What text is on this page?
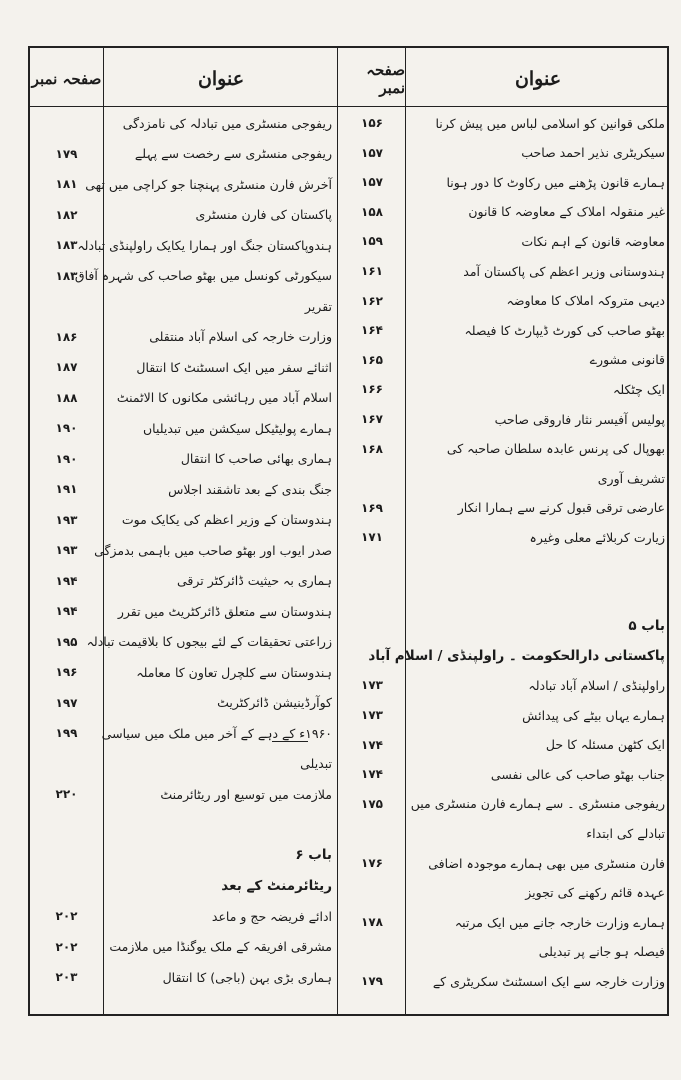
عنوان
صفحہ نمبر
عنوان
صفحہ نمبر
ملکی قوانین کو اسلامی لباس میں پیش کرنا
۱۵۶
سیکریٹری نذیر احمد صاحب
۱۵۷
ہمارے قانون پڑھنے میں رکاوٹ کا دور ہونا
۱۵۷
غیر منقولہ املاک کے معاوضہ کا قانون
۱۵۸
معاوضہ قانون کے اہم نکات
۱۵۹
ہندوستانی وزیر اعظم کی پاکستان آمد
۱۶۱
دیہی متروکہ املاک کا معاوضہ
۱۶۲
بھٹو صاحب کی کورٹ ڈیپارٹ کا فیصلہ
۱۶۴
قانونی مشورے
۱۶۵
ایک چٹکلہ
۱۶۶
پولیس آفیسر نثار فاروقی صاحب
۱۶۷
بھوپال کی پرنس عابدہ سلطان صاحبہ کی
۱۶۸
تشریف آوری
عارضی ترقی قبول کرنے سے ہمارا انکار
۱۶۹
زیارت کربلائے معلی وغیرہ
۱۷۱
باب ۵
پاکستانی دارالحکومت ۔ راولپنڈی / اسلام آباد
راولپنڈی / اسلام آباد تبادلہ
۱۷۳
ہمارے یہاں بیٹے کی پیدائش
۱۷۳
ایک کٹھن مسئلہ کا حل
۱۷۴
جناب بھٹو صاحب کی عالی نفسی
۱۷۴
ریفوجی منسٹری ۔ سے ہمارے فارن منسٹری میں
۱۷۵
تبادلے کی ابتداء
فارن منسٹری میں بھی ہمارے موجودہ اضافی
۱۷۶
عہدہ قائم رکھنے کی تجویز
ہمارے وزارت خارجہ جانے میں ایک مرتبہ
۱۷۸
فیصلہ ہو جانے پر تبدیلی
وزارت خارجہ سے ایک اسسٹنٹ سکریٹری کے
۱۷۹
ریفوجی منسٹری میں تبادلہ کی نامزدگی
ریفوجی منسٹری سے رخصت سے پہلے
۱۷۹
آخرش فارن منسٹری پہنچنا جو کراچی میں تھی
۱۸۱
پاکستان کی فارن منسٹری
۱۸۲
ہندوپاکستان جنگ اور ہمارا یکایک راولپنڈی تبادلہ
۱۸۳
سیکورٹی کونسل میں بھٹو صاحب کی شہرہ آفاق
۱۸۳
تقریر
وزارت خارجہ کی اسلام آباد منتقلی
۱۸۶
اثنائے سفر میں ایک اسسٹنٹ کا انتقال
۱۸۷
اسلام آباد میں رہائشی مکانوں کا الاٹمنٹ
۱۸۸
ہمارے پولیٹیکل سیکشن میں تبدیلیاں
۱۹۰
ہماری بھائی صاحب کا انتقال
۱۹۰
جنگ بندی کے بعد تاشقند اجلاس
۱۹۱
ہندوستان کے وزیر اعظم کی یکایک موت
۱۹۳
صدر ایوب اور بھٹو صاحب میں باہمی بدمزگی
۱۹۳
ہماری بہ حیثیت ڈائرکٹر ترقی
۱۹۴
ہندوستان سے متعلق ڈائرکٹریٹ میں تقرر
۱۹۴
زراعتی تحقیقات کے لئے بیجوں کا بلاقیمت تبادلہ
۱۹۵
ہندوستان سے کلچرل تعاون کا معاملہ
۱۹۶
کوآرڈینیشن ڈائرکٹریٹ
۱۹۷
۱۹۶۰ء کے دہے کے آخر میں ملک میں سیاسی
۱۹۹
تبدیلی
ملازمت میں توسیع اور ریٹائرمنٹ
۲۲۰
باب ۶
ریٹائرمنٹ کے بعد
ادائے فریضہ حج و ماعد
۲۰۲
مشرقی افریقہ کے ملک یوگنڈا میں ملازمت
۲۰۲
ہماری بڑی بہن (باجی) کا انتقال
۲۰۳
